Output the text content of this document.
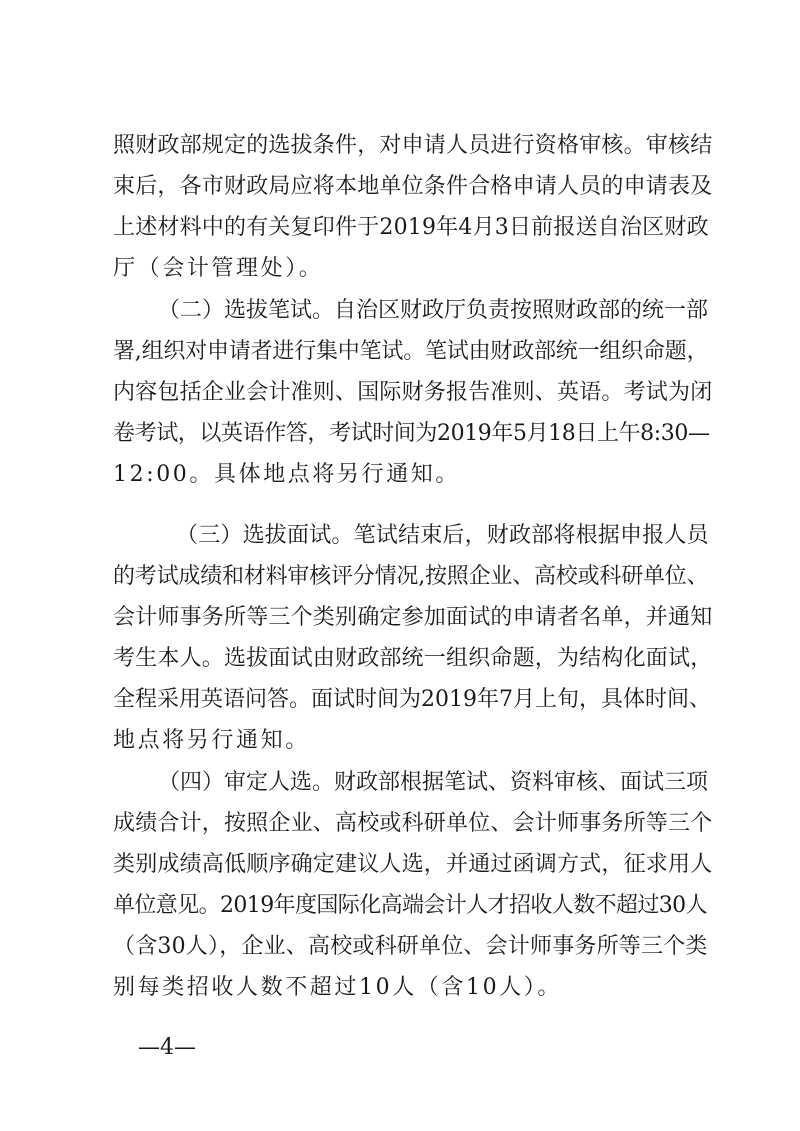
照财政部规定的选拔条件，对申请人员进行资格审核。审核结
束后，各市财政局应将本地单位条件合格申请人员的申请表及
上述材料中的有关复印件于2019年4月3日前报送自治区财政
厅（会计管理处）。
（二）选拔笔试。自治区财政厅负责按照财政部的统一部
署,组织对申请者进行集中笔试。笔试由财政部统一组织命题，
内容包括企业会计准则、国际财务报告准则、英语。考试为闭
卷考试，以英语作答，考试时间为2019年5月18日上午8:30—
12:00。具体地点将另行通知。
（三）选拔面试。笔试结束后，财政部将根据申报人员
的考试成绩和材料审核评分情况,按照企业、高校或科研单位、
会计师事务所等三个类别确定参加面试的申请者名单，并通知
考生本人。选拔面试由财政部统一组织命题，为结构化面试，
全程采用英语问答。面试时间为2019年7月上旬，具体时间、
地点将另行通知。
（四）审定人选。财政部根据笔试、资料审核、面试三项
成绩合计，按照企业、高校或科研单位、会计师事务所等三个
类别成绩高低顺序确定建议人选，并通过函调方式，征求用人
单位意见。2019年度国际化高端会计人才招收人数不超过30人
（含30人），企业、高校或科研单位、会计师事务所等三个类
别每类招收人数不超过10人（含10人）。
—4—
